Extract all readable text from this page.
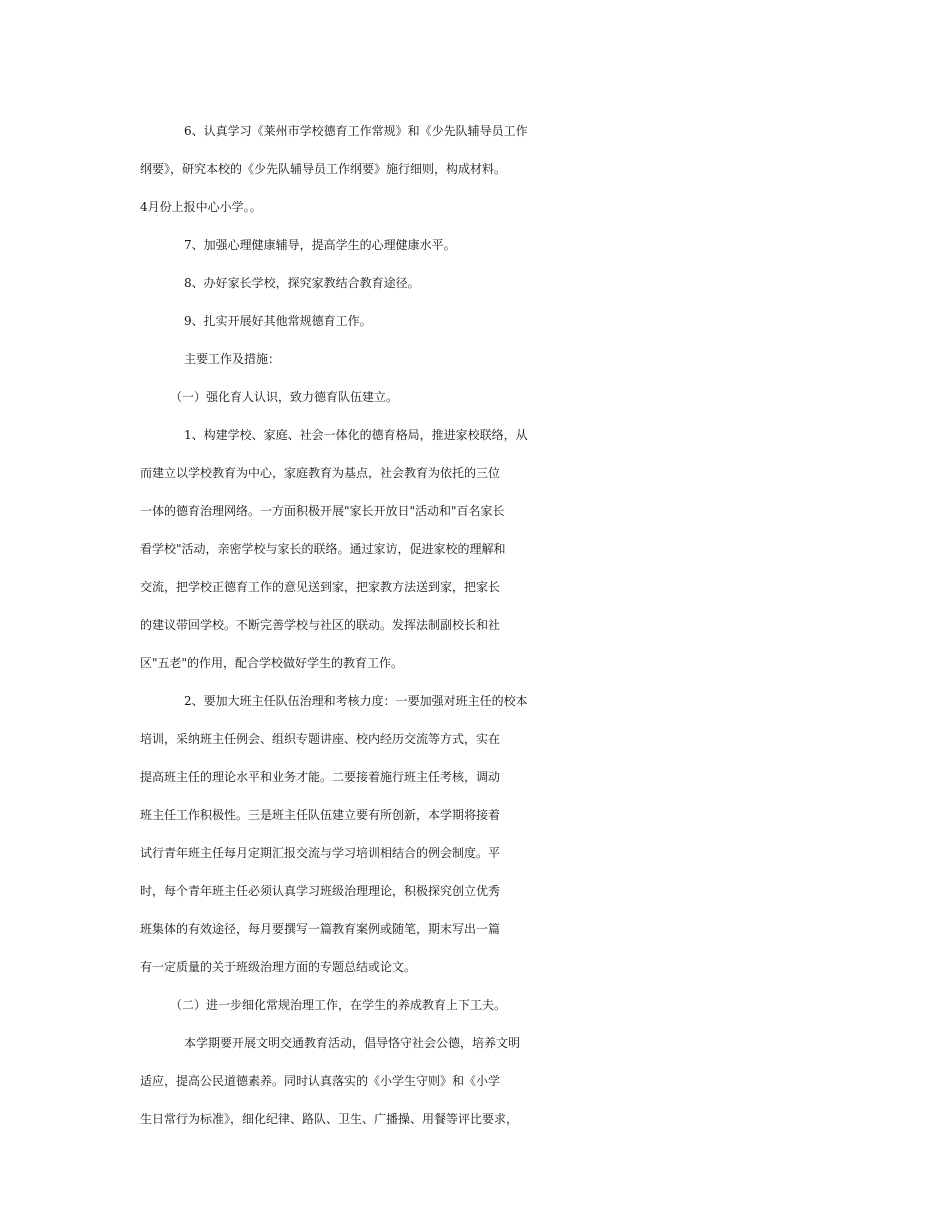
6、认真学习《莱州市学校德育工作常规》和《少先队辅导员工作
纲要》，研究本校的《少先队辅导员工作纲要》施行细则，构成材料。
4月份上报中心小学。。
7、加强心理健康辅导，提高学生的心理健康水平。
8、办好家长学校，探究家教结合教育途径。
9、扎实开展好其他常规德育工作。
主要工作及措施：
（一）强化育人认识，致力德育队伍建立。
1、构建学校、家庭、社会一体化的德育格局，推进家校联络，从
而建立以学校教育为中心，家庭教育为基点，社会教育为依托的三位
一体的德育治理网络。一方面积极开展"家长开放日"活动和"百名家长
看学校"活动，亲密学校与家长的联络。通过家访，促进家校的理解和
交流，把学校正德育工作的意见送到家，把家教方法送到家，把家长
的建议带回学校。不断完善学校与社区的联动。发挥法制副校长和社
区"五老"的作用，配合学校做好学生的教育工作。
2、要加大班主任队伍治理和考核力度：一要加强对班主任的校本
培训，采纳班主任例会、组织专题讲座、校内经历交流等方式，实在
提高班主任的理论水平和业务才能。二要接着施行班主任考核，调动
班主任工作积极性。三是班主任队伍建立要有所创新，本学期将接着
试行青年班主任每月定期汇报交流与学习培训相结合的例会制度。平
时，每个青年班主任必须认真学习班级治理理论，积极探究创立优秀
班集体的有效途径，每月要撰写一篇教育案例或随笔，期末写出一篇
有一定质量的关于班级治理方面的专题总结或论文。
（二）进一步细化常规治理工作，在学生的养成教育上下工夫。
本学期要开展文明交通教育活动，倡导恪守社会公德，培养文明
适应，提高公民道德素养。同时认真落实的《小学生守则》和《小学
生日常行为标准》，细化纪律、路队、卫生、广播操、用餐等评比要求，
